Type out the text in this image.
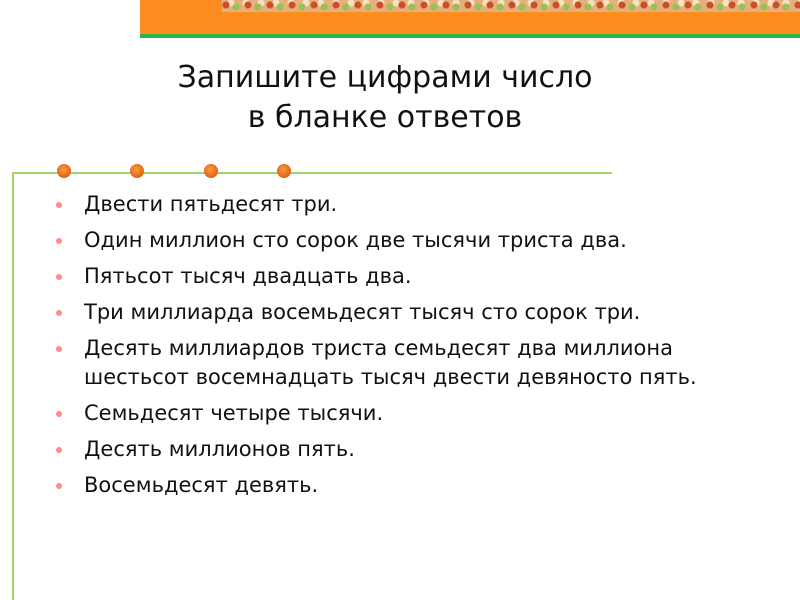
Запишите цифрами число
в бланке ответов
Двести пятьдесят три.
Один миллион сто сорок две тысячи триста два.
Пятьсот тысяч двадцать два.
Три миллиарда восемьдесят тысяч сто сорок три.
Десять миллиардов триста семьдесят два миллиона шестьсот восемнадцать тысяч двести девяносто пять.
Семьдесят четыре тысячи.
Десять миллионов пять.
Восемьдесят девять.
